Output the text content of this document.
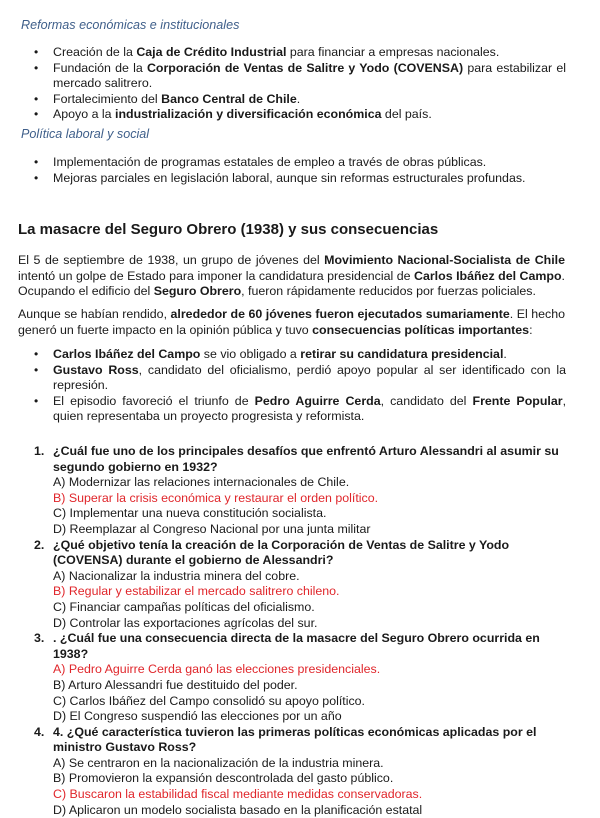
Reformas económicas e institucionales
• Creación de la Caja de Crédito Industrial para financiar a empresas nacionales.
• Fundación de la Corporación de Ventas de Salitre y Yodo (COVENSA) para estabilizar el mercado salitrero.
• Fortalecimiento del Banco Central de Chile.
• Apoyo a la industrialización y diversificación económica del país.
Política laboral y social
• Implementación de programas estatales de empleo a través de obras públicas.
• Mejoras parciales en legislación laboral, aunque sin reformas estructurales profundas.
La masacre del Seguro Obrero (1938) y sus consecuencias
El 5 de septiembre de 1938, un grupo de jóvenes del Movimiento Nacional-Socialista de Chile intentó un golpe de Estado para imponer la candidatura presidencial de Carlos Ibáñez del Campo. Ocupando el edificio del Seguro Obrero, fueron rápidamente reducidos por fuerzas policiales.
Aunque se habían rendido, alrededor de 60 jóvenes fueron ejecutados sumariamente. El hecho generó un fuerte impacto en la opinión pública y tuvo consecuencias políticas importantes:
• Carlos Ibáñez del Campo se vio obligado a retirar su candidatura presidencial.
• Gustavo Ross, candidato del oficialismo, perdió apoyo popular al ser identificado con la represión.
• El episodio favoreció el triunfo de Pedro Aguirre Cerda, candidato del Frente Popular, quien representaba un proyecto progresista y reformista.
1. ¿Cuál fue uno de los principales desafíos que enfrentó Arturo Alessandri al asumir su segundo gobierno en 1932?
A) Modernizar las relaciones internacionales de Chile.
B) Superar la crisis económica y restaurar el orden político.
C) Implementar una nueva constitución socialista.
D) Reemplazar al Congreso Nacional por una junta militar
2. ¿Qué objetivo tenía la creación de la Corporación de Ventas de Salitre y Yodo (COVENSA) durante el gobierno de Alessandri?
A) Nacionalizar la industria minera del cobre.
B) Regular y estabilizar el mercado salitrero chileno.
C) Financiar campañas políticas del oficialismo.
D) Controlar las exportaciones agrícolas del sur.
3. . ¿Cuál fue una consecuencia directa de la masacre del Seguro Obrero ocurrida en 1938?
A) Pedro Aguirre Cerda ganó las elecciones presidenciales.
B) Arturo Alessandri fue destituido del poder.
C) Carlos Ibáñez del Campo consolidó su apoyo político.
D) El Congreso suspendió las elecciones por un año
4. 4. ¿Qué característica tuvieron las primeras políticas económicas aplicadas por el ministro Gustavo Ross?
A) Se centraron en la nacionalización de la industria minera.
B) Promovieron la expansión descontrolada del gasto público.
C) Buscaron la estabilidad fiscal mediante medidas conservadoras.
D) Aplicaron un modelo socialista basado en la planificación estatal
